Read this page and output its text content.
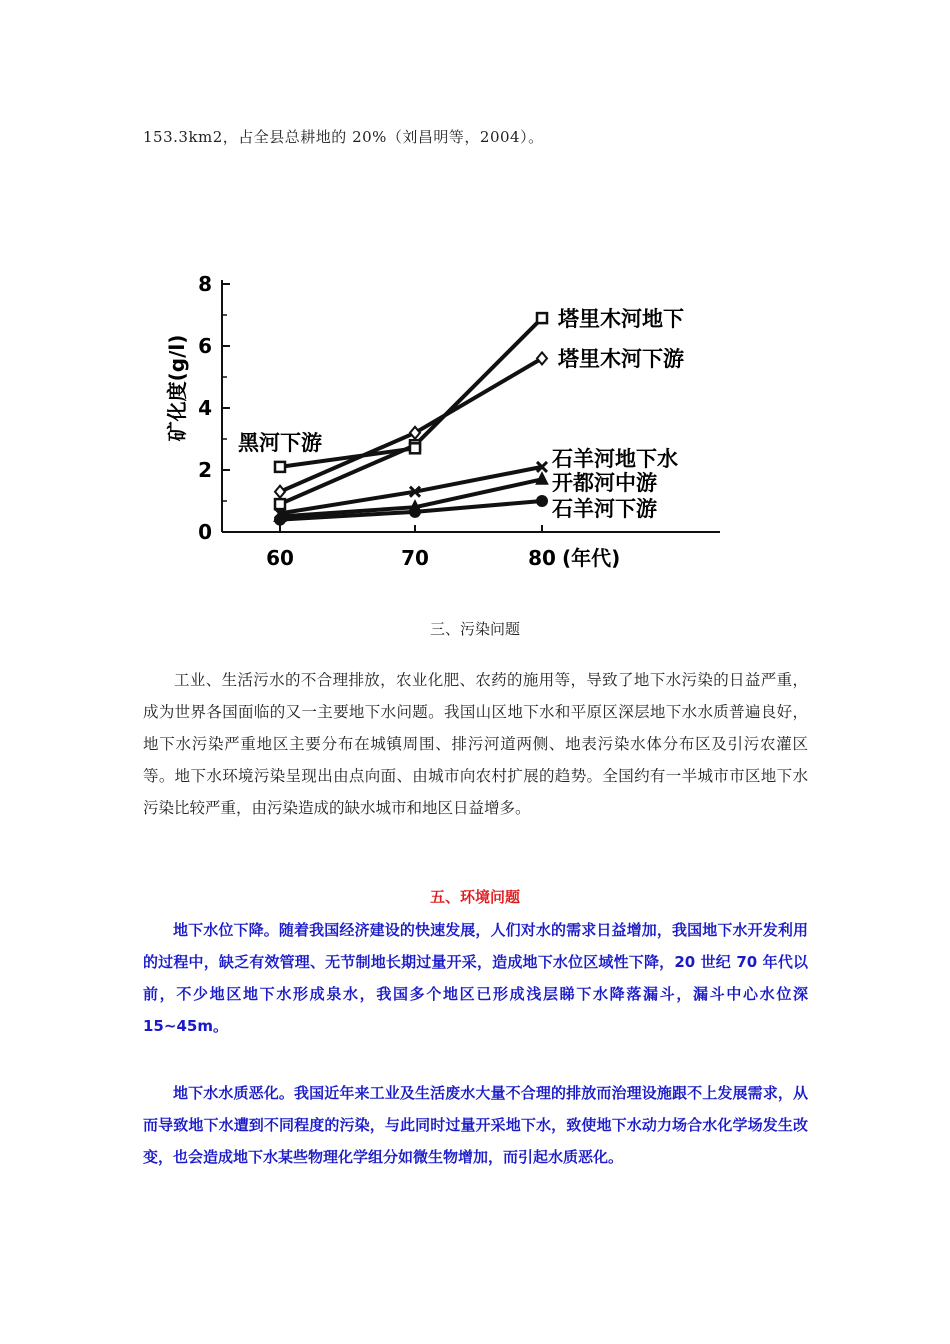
153.3km2，占全县总耕地的 20%（刘昌明等，2004）。
0
2
4
6
8
60	70	80 (年代)
矿化度(g/l)
塔里木河地下
塔里木河下游
黑河下游
石羊河地下水
开都河中游
石羊河下游
三、污染问题
工业、生活污水的不合理排放，农业化肥、农药的施用等，导致了地下水污染的日益严重，成为世界各国面临的又一主要地下水问题。我国山区地下水和平原区深层地下水水质普遍良好，地下水污染严重地区主要分布在城镇周围、排污河道两侧、地表污染水体分布区及引污农灌区等。地下水环境污染呈现出由点向面、由城市向农村扩展的趋势。全国约有一半城市市区地下水污染比较严重，由污染造成的缺水城市和地区日益增多。
五、环境问题
地下水位下降。随着我国经济建设的快速发展，人们对水的需求日益增加，我国地下水开发利用的过程中，缺乏有效管理、无节制地长期过量开采，造成地下水位区域性下降，20 世纪 70 年代以前，不少地区地下水形成泉水，我国多个地区已形成浅层睇下水降落漏斗，漏斗中心水位深 15~45m。
地下水水质恶化。我国近年来工业及生活废水大量不合理的排放而治理设施跟不上发展需求，从而导致地下水遭到不同程度的污染，与此同时过量开采地下水，致使地下水动力场合水化学场发生改变，也会造成地下水某些物理化学组分如微生物增加，而引起水质恶化。
